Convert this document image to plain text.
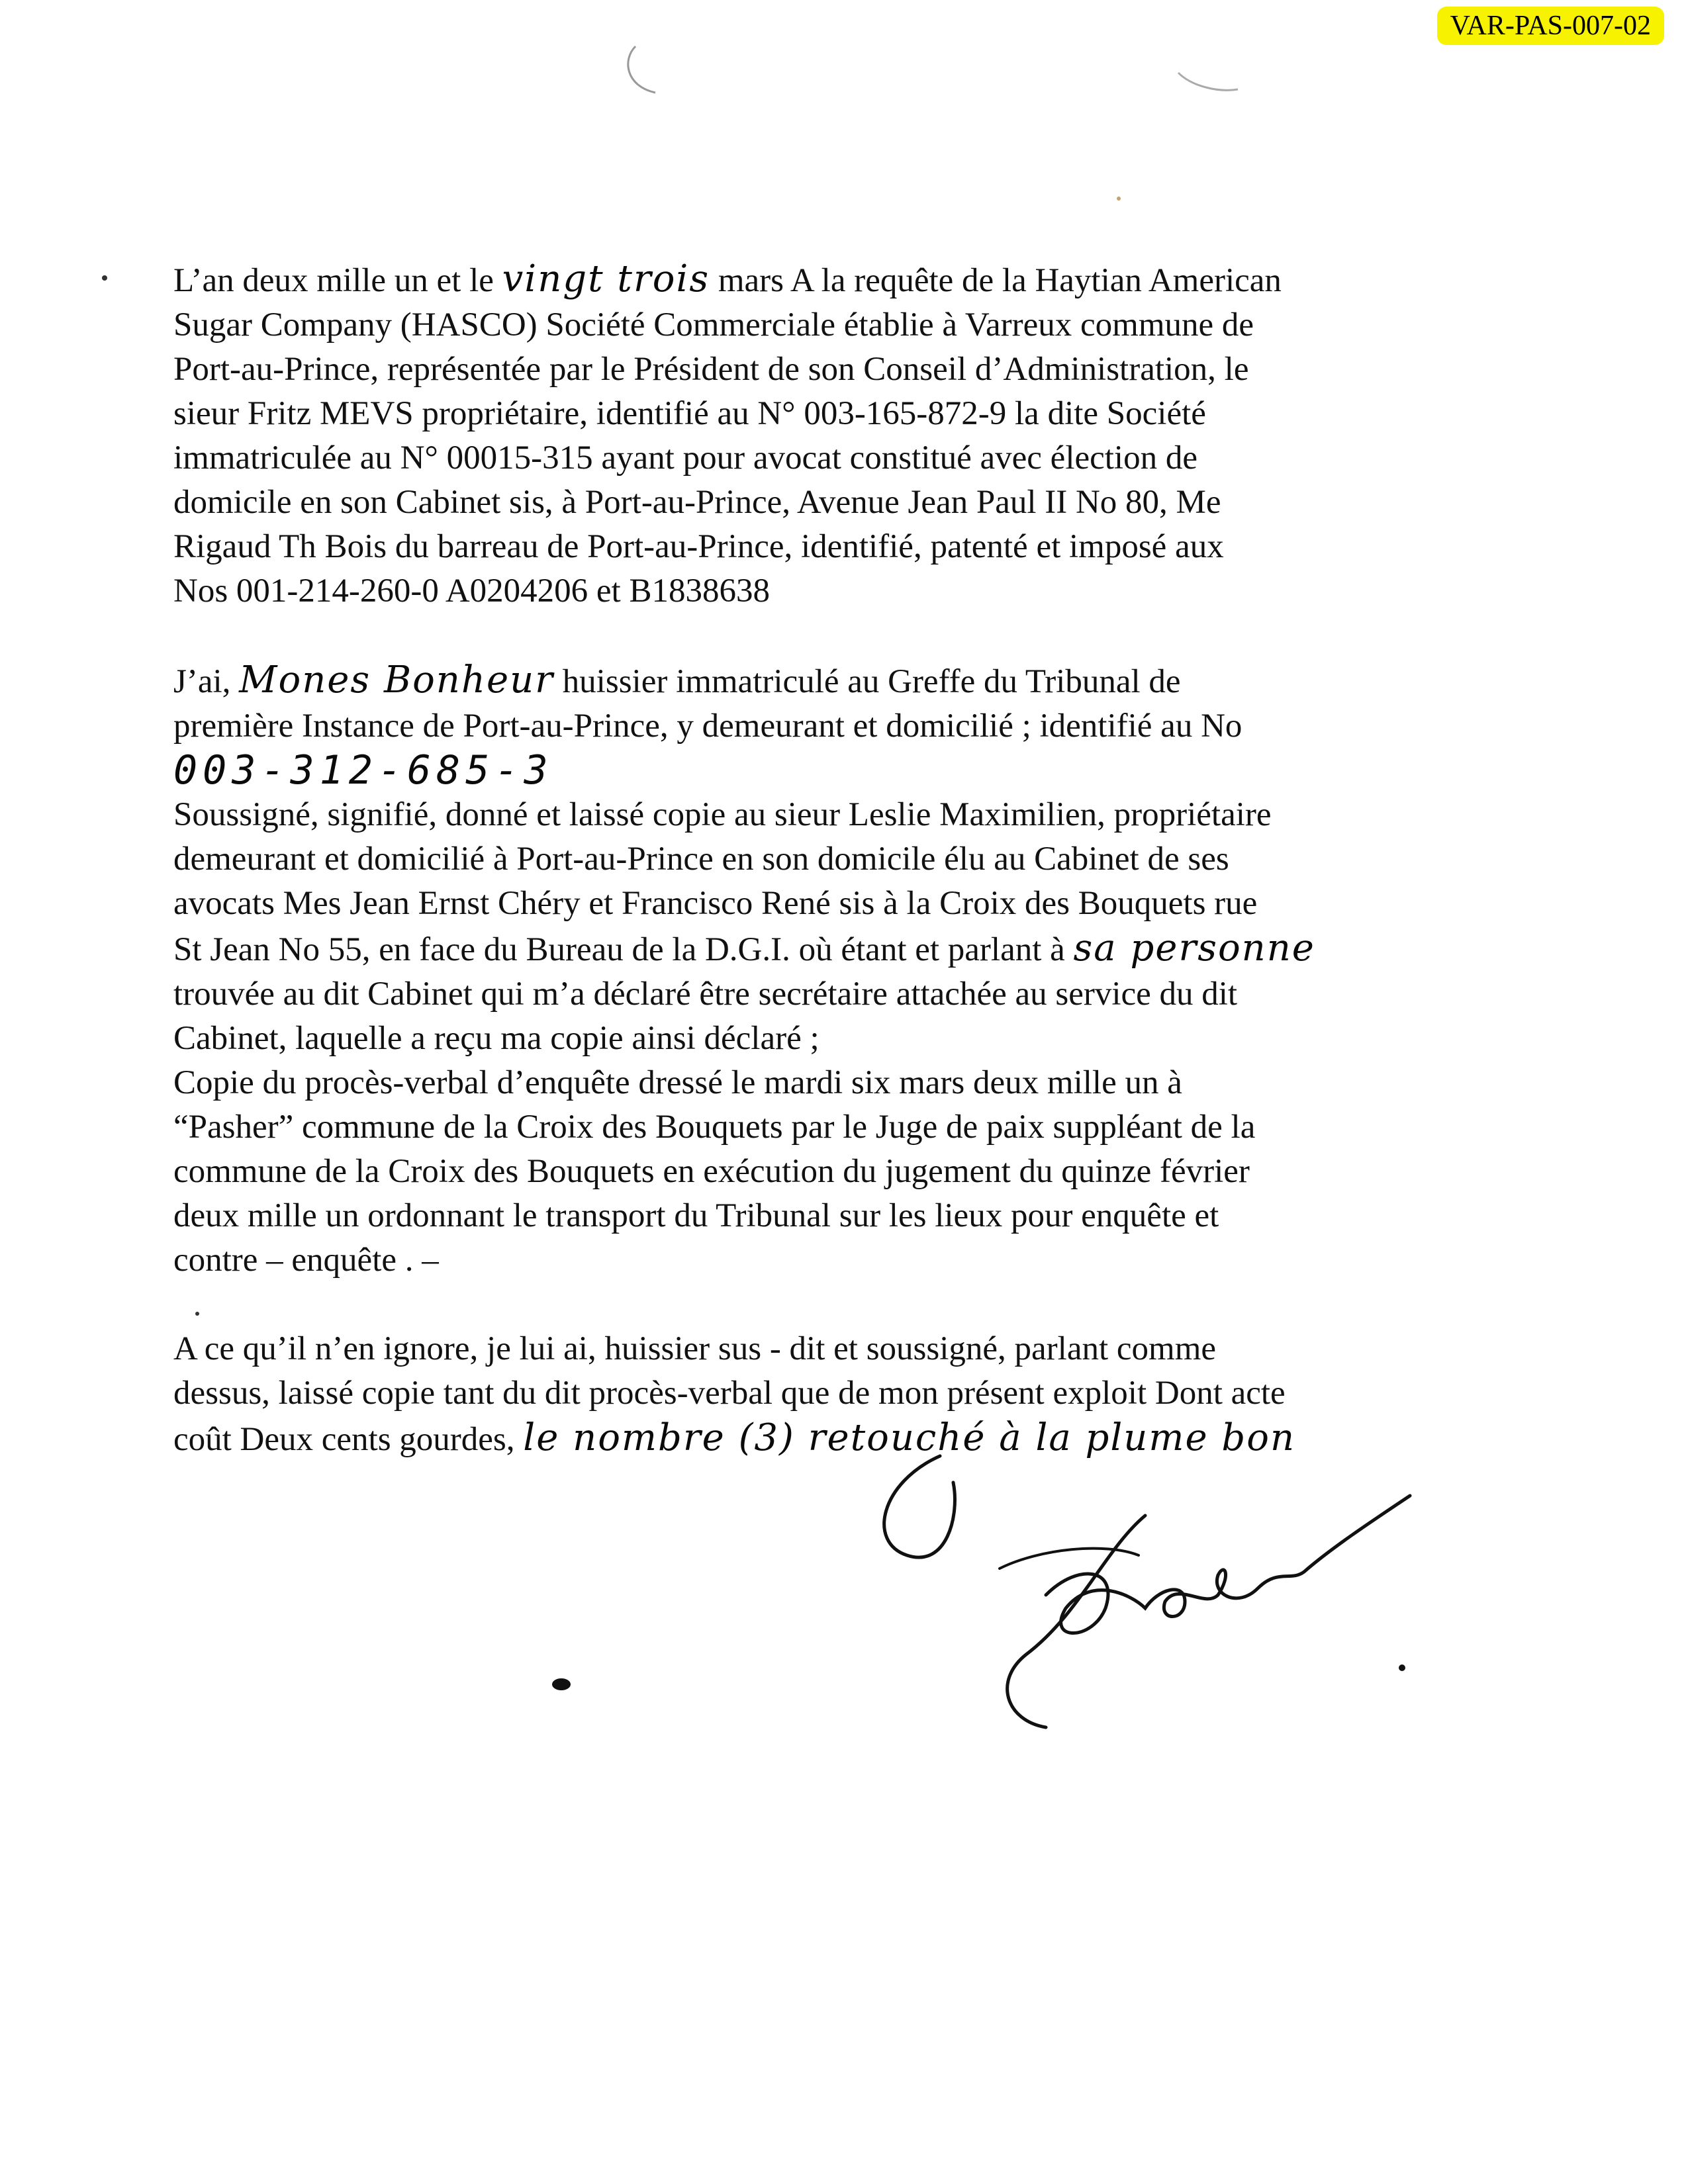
VAR-PAS-007-02
L’an deux mille un et le vingt trois mars A la requête de la Haytian American
Sugar Company (HASCO) Société Commerciale établie à Varreux commune de
Port-au-Prince, représentée par le Président de son Conseil d’Administration, le
sieur Fritz MEVS propriétaire, identifié au N° 003-165-872-9 la dite Société
immatriculée au N° 00015-315 ayant pour avocat constitué avec élection de
domicile en son Cabinet sis, à Port-au-Prince, Avenue Jean Paul II No 80, Me
Rigaud Th Bois du barreau de Port-au-Prince, identifié, patenté et imposé aux
Nos 001-214-260-0 A0204206 et B1838638
J’ai, Mones Bonheur huissier immatriculé au Greffe du Tribunal de
première Instance de Port-au-Prince, y demeurant et domicilié ; identifié au No
003-312-685-3
Soussigné, signifié, donné et laissé copie au sieur Leslie Maximilien, propriétaire
demeurant et domicilié à Port-au-Prince en son domicile élu au Cabinet de ses
avocats Mes Jean Ernst Chéry et Francisco René sis à la Croix des Bouquets rue
St Jean No 55, en face du Bureau de la D.G.I. où étant et parlant à sa personne
trouvée au dit Cabinet qui m’a déclaré être secrétaire attachée au service du dit
Cabinet, laquelle a reçu ma copie ainsi déclaré ;
Copie du procès-verbal d’enquête dressé le mardi six mars deux mille un à
“Pasher” commune de la Croix des Bouquets par le Juge de paix suppléant de la
commune de la Croix des Bouquets en exécution du jugement du quinze février
deux mille un ordonnant le transport du Tribunal sur les lieux pour enquête et
contre – enquête . –
A ce qu’il n’en ignore, je lui ai, huissier sus - dit et soussigné, parlant comme
dessus, laissé copie tant du dit procès-verbal que de mon présent exploit Dont acte
coût Deux cents gourdes, le nombre (3) retouché à la plume bon
